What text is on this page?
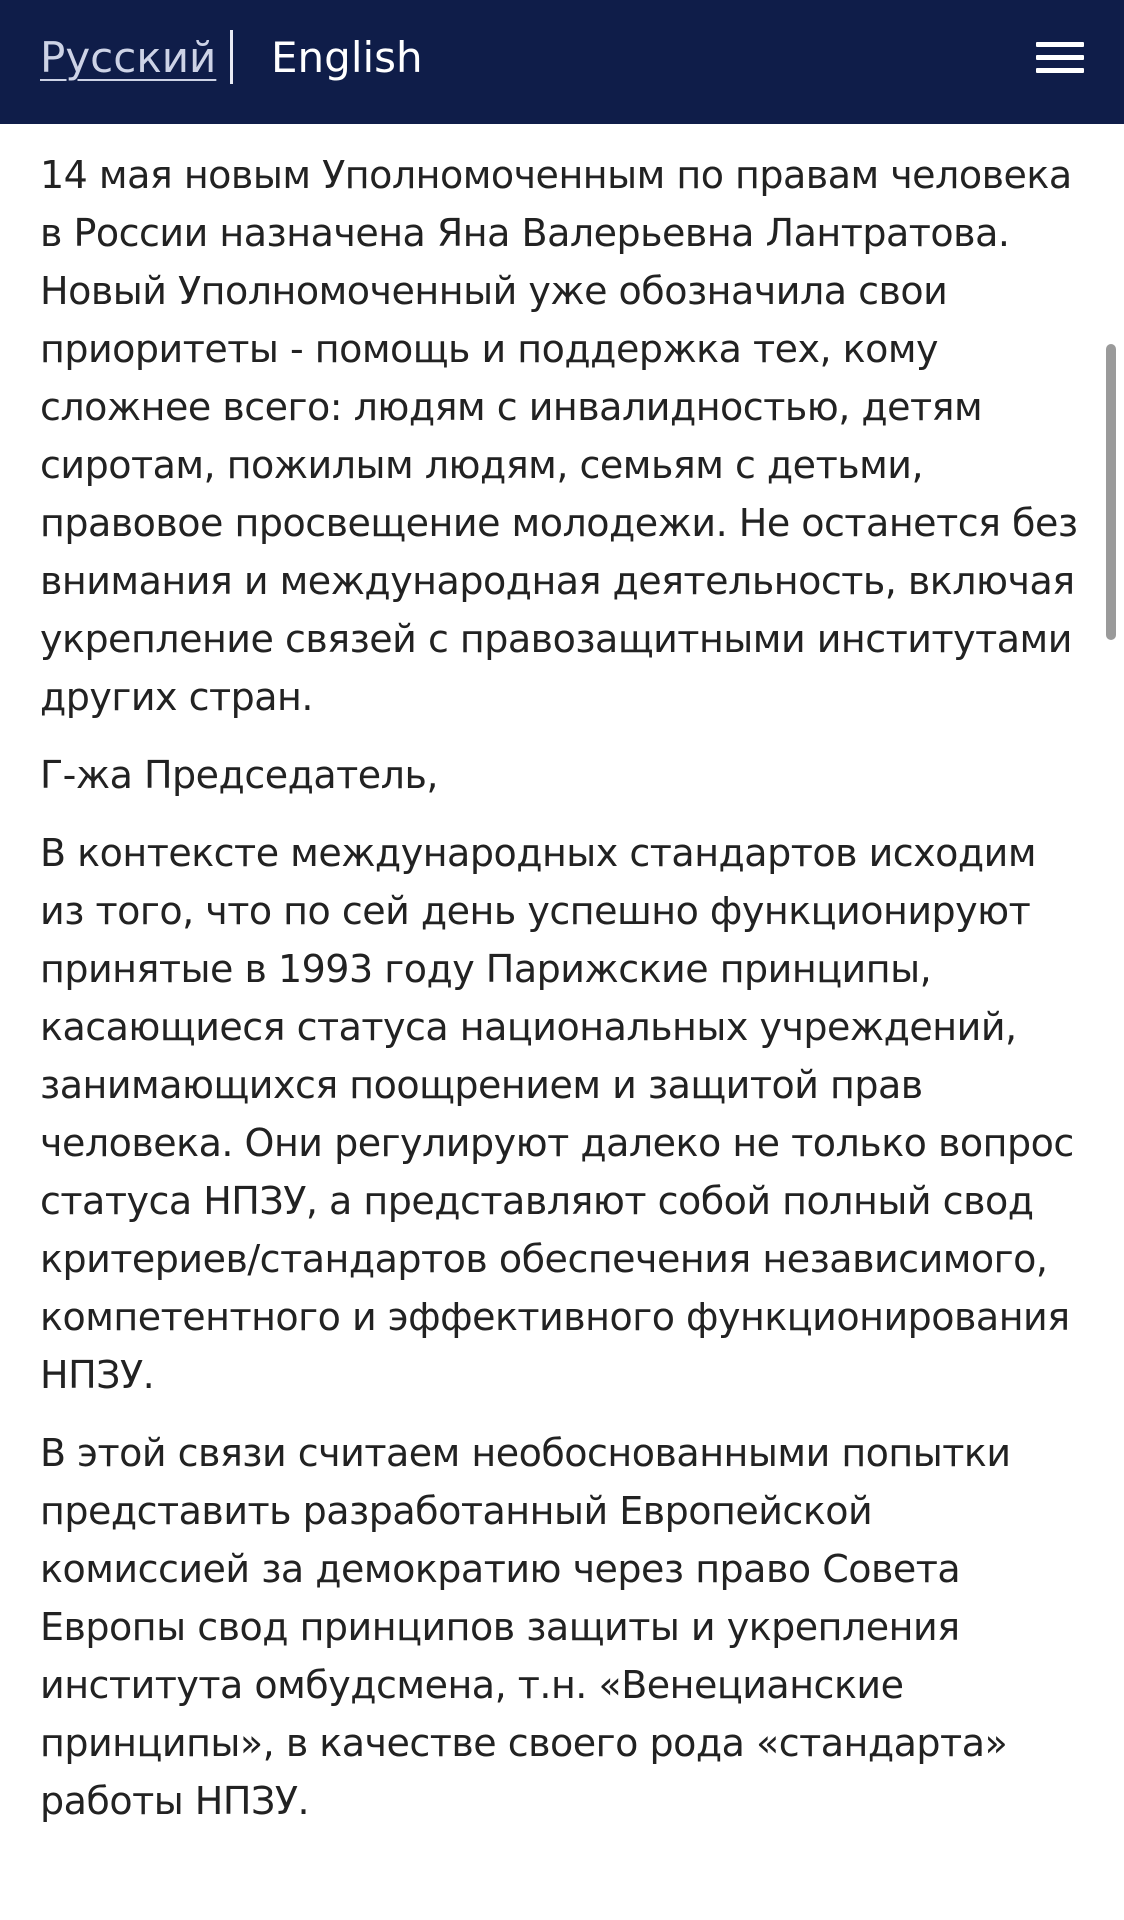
Русский English

14 мая новым Уполномоченным по правам человека в России назначена Яна Валерьевна Лантратова. Новый Уполномоченный уже обозначила свои приоритеты - помощь и поддержка тех, кому сложнее всего: людям с инвалидностью, детям сиротам, пожилым людям, семьям с детьми, правовое просвещение молодежи. Не останется без внимания и международная деятельность, включая укрепление связей с правозащитными институтами других стран.

Г-жа Председатель,

В контексте международных стандартов исходим из того, что по сей день успешно функционируют принятые в 1993 году Парижские принципы, касающиеся статуса национальных учреждений, занимающихся поощрением и защитой прав человека. Они регулируют далеко не только вопрос статуса НПЗУ, а представляют собой полный свод критериев/стандартов обеспечения независимого, компетентного и эффективного функционирования НПЗУ.

В этой связи считаем необоснованными попытки представить разработанный Европейской комиссией за демократию через право Совета Европы свод принципов защиты и укрепления института омбудсмена, т.н. «Венецианские принципы», в качестве своего рода «стандарта» работы НПЗУ.
